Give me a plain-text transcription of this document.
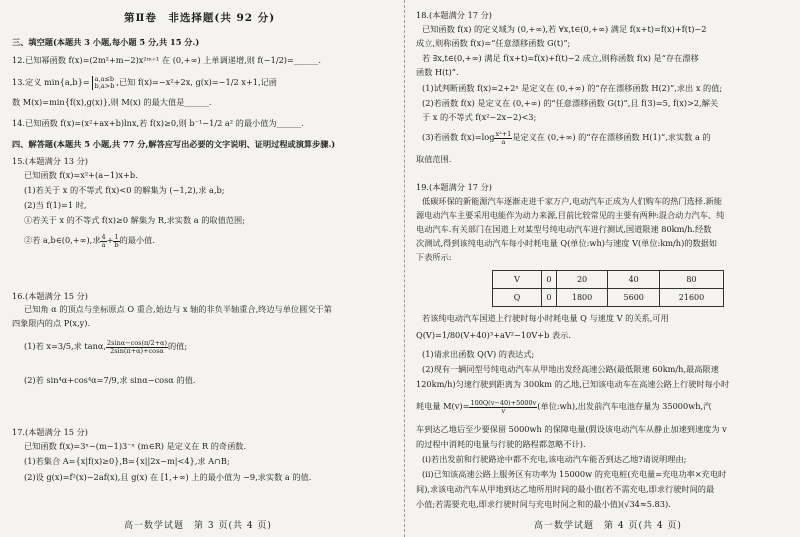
第Ⅱ卷　非选择题(共 92 分)
三、填空题(本题共 3 小题,每小题 5 分,共 15 分.)
12.已知幂函数 f(x)=(2m²+m−2)x²ᵐ⁺¹ 在 (0,+∞) 上单调递增,则 f(−1/2)=______.
13.定义 min{a,b}= a,a≤b
b,a>b ,已知 f(x)=−x²+2x, g(x)=−1/2 x+1,记函
数 M(x)=min{f(x),g(x)},则 M(x) 的最大值是______.
14.已知函数 f(x)=(x²+ax+b)lnx,若 f(x)≥0,则 b⁻¹−1/2 a² 的最小值为______.
四、解答题(本题共 5 小题,共 77 分,解答应写出必要的文字说明、证明过程或演算步骤.)
15.(本题满分 13 分)
已知函数 f(x)=x²+(a−1)x+b.
(1)若关于 x 的不等式 f(x)<0 的解集为 (−1,2),求 a,b;
(2)当 f(1)=1 时,
①若关于 x 的不等式 f(x)≥0 解集为 R,求实数 a 的取值范围;
②若 a,b∈(0,+∞),求 $\frac{4}{a} + \frac{1}{b}$ 的最小值.
16.(本题满分 15 分)
已知角 α 的顶点与坐标原点 O 重合,始边与 x 轴的非负半轴重合,终边与单位圆交于第
四象限内的点 P(x,y).
(1)若 x=3/5,求 tanα, $\frac{2\sin\alpha-\cos(\pi/2+\alpha)}{2\sin(\pi+\alpha)+\cos\alpha}$ 的值;
(2)若 sin⁴α+cos⁴α=7/9,求 sinα−cosα 的值.
17.(本题满分 15 分)
已知函数 f(x)=3ˣ−(m−1)3⁻ˣ (m∈R) 是定义在 R 的奇函数.
(1)若集合 A={x|f(x)≥0},B={x||2x−m|<4},求 A∩B;
(2)设 g(x)=f²(x)−2af(x),且 g(x) 在 [1,+∞) 上的最小值为 −9,求实数 a 的值.
高一数学试题　第 3 页(共 4 页)
18.(本题满分 17 分)
已知函数 f(x) 的定义域为 (0,+∞),若 ∀x,t∈(0,+∞) 满足 f(x+t)=f(x)+f(t)−2
成立,则称函数 f(x)=“任意漂移函数 G(t)”;
若 ∃x,t∈(0,+∞) 满足 f(x+t)=f(x)+f(t)−2 成立,则称函数 f(x) 是“存在漂移
函数 H(t)”.
(1)试判断函数 f(x)=2+2ˣ 是定义在 (0,+∞) 的“存在漂移函数 H(2)”,求出 x 的值;
(2)若函数 f(x) 是定义在 (0,+∞) 的“任意漂移函数 G(t)”,且 f(3)=5, f(x)>2,解关
于 x 的不等式 f(x²−2x−2)<3;
(3)若函数 $f(x)=\log \frac{\text{x²+1}}{a}$ 是定义在 (0,+∞) 的“存在漂移函数 H(1)”,求实数 a 的
取值范围.
19.(本题满分 17 分)
低碳环保的新能源汽车逐渐走进千家万户,电动汽车正成为人们购车的热门选择.新能
源电动汽车主要采用电能作为动力来源,目前比较常见的主要有两种:混合动力汽车、纯
电动汽车.有关部门在国道上对某型号纯电动汽车进行测试,国道限速 80km/h.经数
次测试,得到该纯电动汽车每小时耗电量 Q(单位:wh)与速度 V(单位:km/h)的数据如
下表所示:
V	0	20	40	80
Q	0	1800	5600	21600
若该纯电动汽车国道上行驶时每小时耗电量 Q 与速度 V 的关系,可用
Q(V)=1/80(V+40)³+aV²−10V+b 表示.
(1)请求出函数 Q(V) 的表达式;
(2)现有一辆同型号纯电动汽车从甲地出发经高速公路(最低限速 60km/h,最高限速
120km/h)匀速行驶到距离为 300km 的乙地,已知该电动车在高速公路上行驶时每小时
耗电量 $M(v)= \frac{100Q(v-40)+5000v}{v}$ (单位:wh),出发前汽车电池存量为 35000wh,汽
车到达乙地后至少要保留 5000wh 的保障电量(假设该电动汽车从静止加速到速度为 v
的过程中消耗的电量与行驶的路程都忽略不计).
(ⅰ)若出发前和行驶路途中都不充电,该电动汽车能否到达乙地?请说明理由;
(ⅱ)已知该高速公路上服务区有功率为 15000w 的充电桩(充电量=充电功率×充电时
间),求该电动汽车从甲地到达乙地所用时间的最小值(若不需充电,即求行驶时间的最
小值;若需要充电,即求行驶时间与充电时间之和的最小值)(√34≈5.83).
高一数学试题　第 4 页(共 4 页)
